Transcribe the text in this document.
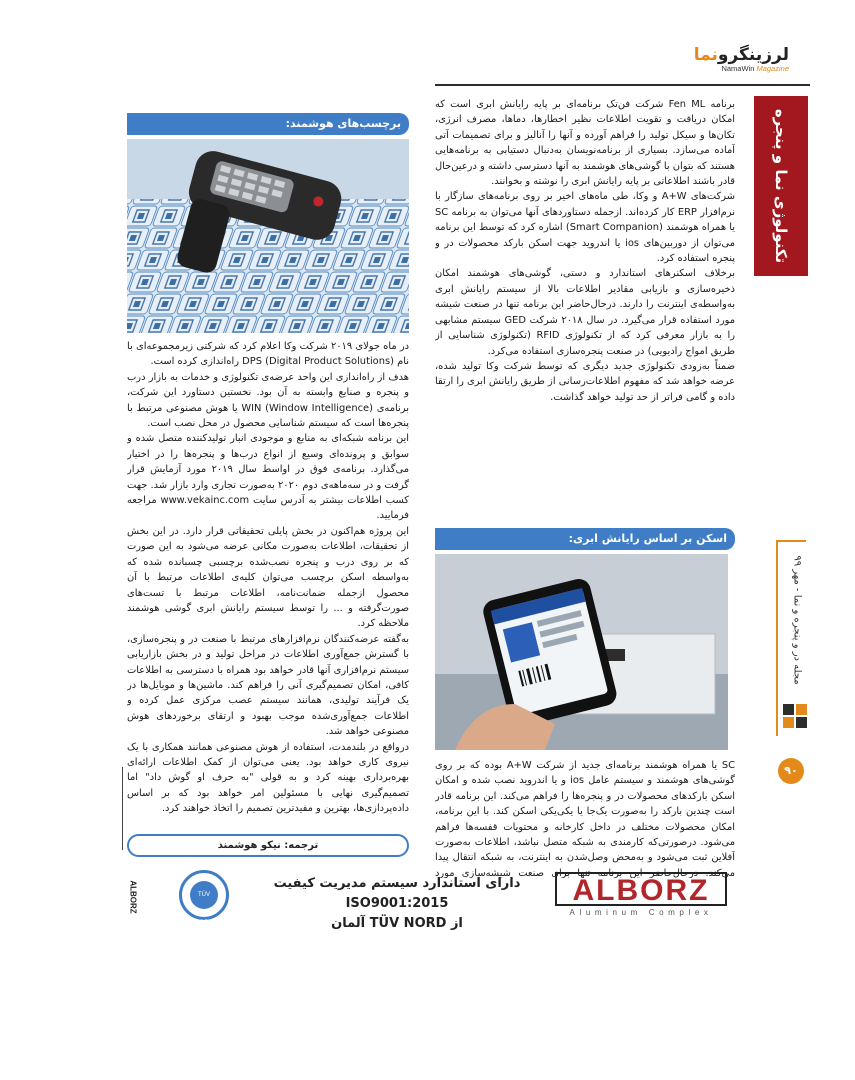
لرزینگرونما
NamaWin Magazine
تکنولوژی نما و پنجره
مجله در و پنجره و نما - مهر ۹۹
۹۰

برنامه Fen ML شرکت فن‌تک برنامه‌ای بر پایه رایانش ابری است که امکان دریافت و تقویت اطلاعات نظیر اخطارها، دماها، مصرف انرژی، تکان‌ها و سیکل تولید را فراهم آورده و آنها را آنالیز و برای تصمیمات آتی آماده می‌سازد. بسیاری از برنامه‌نویسان به‌دنبال دستیابی به برنامه‌هایی هستند که بتوان با گوشی‌های هوشمند به آنها دسترسی داشته و درعین‌حال قادر باشند اطلاعاتی بر پایه رایانش ابری را نوشته و بخوانند.

شرکت‌های A+W و وکا، طی ماه‌های اخیر بر روی برنامه‌های سازگار با نرم‌افزار ERP کار کرده‌اند. ازجمله دستاوردهای آنها می‌توان به برنامه SC یا همراه هوشمند (Smart Companion) اشاره کرد که توسط این برنامه می‌توان از دوربین‌های ios یا اندروید جهت اسکن بارکد محصولات در و پنجره استفاده کرد.

برخلاف اسکنرهای استاندارد و دستی، گوشی‌های هوشمند امکان ذخیره‌سازی و بازیابی مقادیر اطلاعات بالا از سیستم رایانش ابری به‌واسطه‌ی اینترنت را دارند. درحال‌حاضر این برنامه تنها در صنعت شیشه مورد استفاده قرار می‌گیرد. در سال ۲۰۱۸ شرکت GED سیستم مشابهی را به بازار معرفی کرد که از تکنولوژی RFID (تکنولوژی شناسایی از طریق امواج رادیویی) در صنعت پنجره‌سازی استفاده می‌کرد.

ضمناً به‌زودی تکنولوژی جدید دیگری که توسط شرکت وکا تولید شده، عرضه خواهد شد که مفهوم اطلاعات‌رسانی از طریق رایانش ابری را ارتقا داده و گامی فراتر از حد تولید خواهد گذاشت.

برچسب‌های هوشمند:

در ماه جولای ۲۰۱۹ شرکت وکا اعلام کرد که شرکتی زیرمجموعه‌ای با نام DPS (Digital Product Solutions) راه‌اندازی کرده است.

هدف از راه‌اندازی این واحد عرضه‌ی تکنولوژی و خدمات به بازار درب و پنجره و صنایع وابسته به آن بود. نخستین دستاورد این شرکت، برنامه‌ی WIN (Window Intelligence) یا هوش مصنوعی مرتبط با پنجره‌ها است که سیستم شناسایی محصول در محل نصب است.

این برنامه شبکه‌ای به منابع و موجودی انبار تولیدکننده متصل شده و سوابق و پرونده‌ای وسیع از انواع درب‌ها و پنجره‌ها را در اختیار می‌گذارد. برنامه‌ی فوق در اواسط سال ۲۰۱۹ مورد آزمایش قرار گرفت و در سه‌ماهه‌ی دوم ۲۰۲۰ به‌صورت تجاری وارد بازار شد. جهت کسب اطلاعات بیشتر به آدرس سایت www.vekainc.com مراجعه فرمایید.

این پروژه هم‌اکنون در بخش پایلی تحقیقاتی قرار دارد. در این بخش از تحقیقات، اطلاعات به‌صورت مکانی عرضه می‌شود به این صورت که بر روی درب و پنجره نصب‌شده برچسبی چسبانده شده که به‌واسطه اسکن برچسب می‌توان کلیه‌ی اطلاعات مرتبط با آن محصول ازجمله ضمانت‌نامه، اطلاعات مرتبط با تست‌های صورت‌گرفته و ... را توسط سیستم رایانش ابری گوشی هوشمند ملاحظه کرد.

به‌گفته عرضه‌کنندگان نرم‌افزارهای مرتبط با صنعت در و پنجره‌سازی، با گسترش جمع‌آوری اطلاعات در مراحل تولید و در بخش بازاریابی سیستم نرم‌افزاری آنها قادر خواهد بود همراه با دسترسی به اطلاعات کافی، امکان تصمیم‌گیری آنی را فراهم کند. ماشین‌ها و موبایل‌ها در یک فرآیند تولیدی، همانند سیستم عصب مرکزی عمل کرده و اطلاعات جمع‌آوری‌شده موجب بهبود و ارتقای برخوردهای هوش مصنوعی خواهد شد.

درواقع در بلندمدت، استفاده از هوش مصنوعی همانند همکاری با یک نیروی کاری خواهد بود. یعنی می‌توان از کمک اطلاعات ارائه‌ای بهره‌برداری بهینه کرد و به قولی "به حرف او گوش داد" اما تصمیم‌گیری نهایی با مسئولین امر خواهد بود که بر اساس داده‌پردازی‌ها، بهترین و مفیدترین تصمیم را اتخاذ خواهند کرد.

اسکن بر اساس رایانش ابری:

SC یا همراه هوشمند برنامه‌ای جدید از شرکت A+W بوده که بر روی گوشی‌های هوشمند و سیستم عامل ios و یا اندروید نصب شده و امکان اسکن بارکدهای محصولات در و پنجره‌ها را فراهم می‌کند. این برنامه قادر است چندین بارکد را به‌صورت یک‌جا یا یکی‌یکی اسکن کند. با این برنامه، امکان محصولات مختلف در داخل کارخانه و محتویات قفسه‌ها فراهم می‌شود. درصورتی‌که کارمندی به شبکه متصل نباشد، اطلاعات به‌صورت آفلاین ثبت می‌شود و به‌محض وصل‌شدن به اینترنت، به شبکه انتقال پیدا می‌کند. درحال‌حاضر این برنامه تنها برای صنعت شیشه‌سازی مورد

ترجمه: نیکو هوشمند
ALBORZ	TÜV NORD
دارای استاندارد سیستم مدیریت کیفیت ISO9001:2015
از TÜV NORD آلمان
ALBORZ
Aluminum Complex
